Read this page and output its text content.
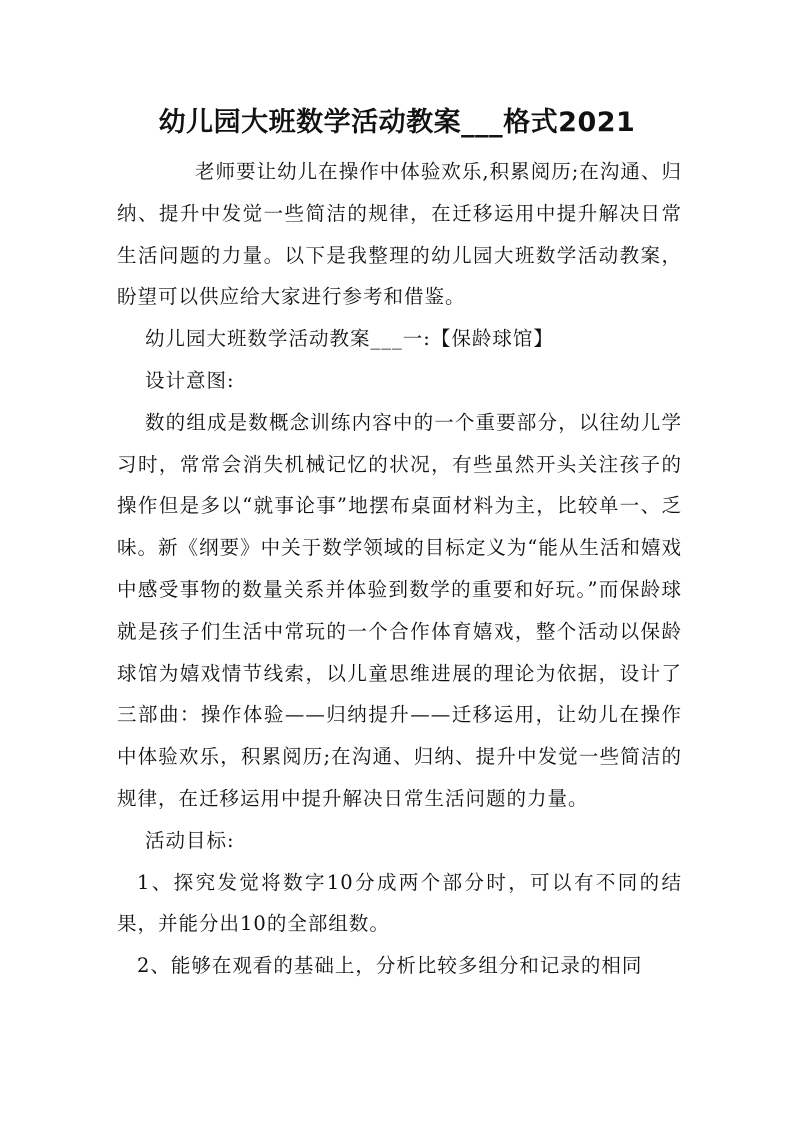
幼儿园大班数学活动教案___格式2021

老师要让幼儿在操作中体验欢乐,积累阅历;在沟通、归纳、提升中发觉一些简洁的规律，在迁移运用中提升解决日常生活问题的力量。以下是我整理的幼儿园大班数学活动教案，盼望可以供应给大家进行参考和借鉴。

幼儿园大班数学活动教案___一:【保龄球馆】

设计意图:

数的组成是数概念训练内容中的一个重要部分，以往幼儿学习时，常常会消失机械记忆的状况，有些虽然开头关注孩子的操作但是多以“就事论事”地摆布桌面材料为主，比较单一、乏味。新《纲要》中关于数学领域的目标定义为“能从生活和嬉戏中感受事物的数量关系并体验到数学的重要和好玩。”而保龄球就是孩子们生活中常玩的一个合作体育嬉戏，整个活动以保龄球馆为嬉戏情节线索，以儿童思维进展的理论为依据，设计了三部曲：操作体验——归纳提升——迁移运用，让幼儿在操作中体验欢乐，积累阅历;在沟通、归纳、提升中发觉一些简洁的规律，在迁移运用中提升解决日常生活问题的力量。

活动目标:

1、探究发觉将数字10分成两个部分时，可以有不同的结果，并能分出10的全部组数。

2、能够在观看的基础上，分析比较多组分和记录的相同
